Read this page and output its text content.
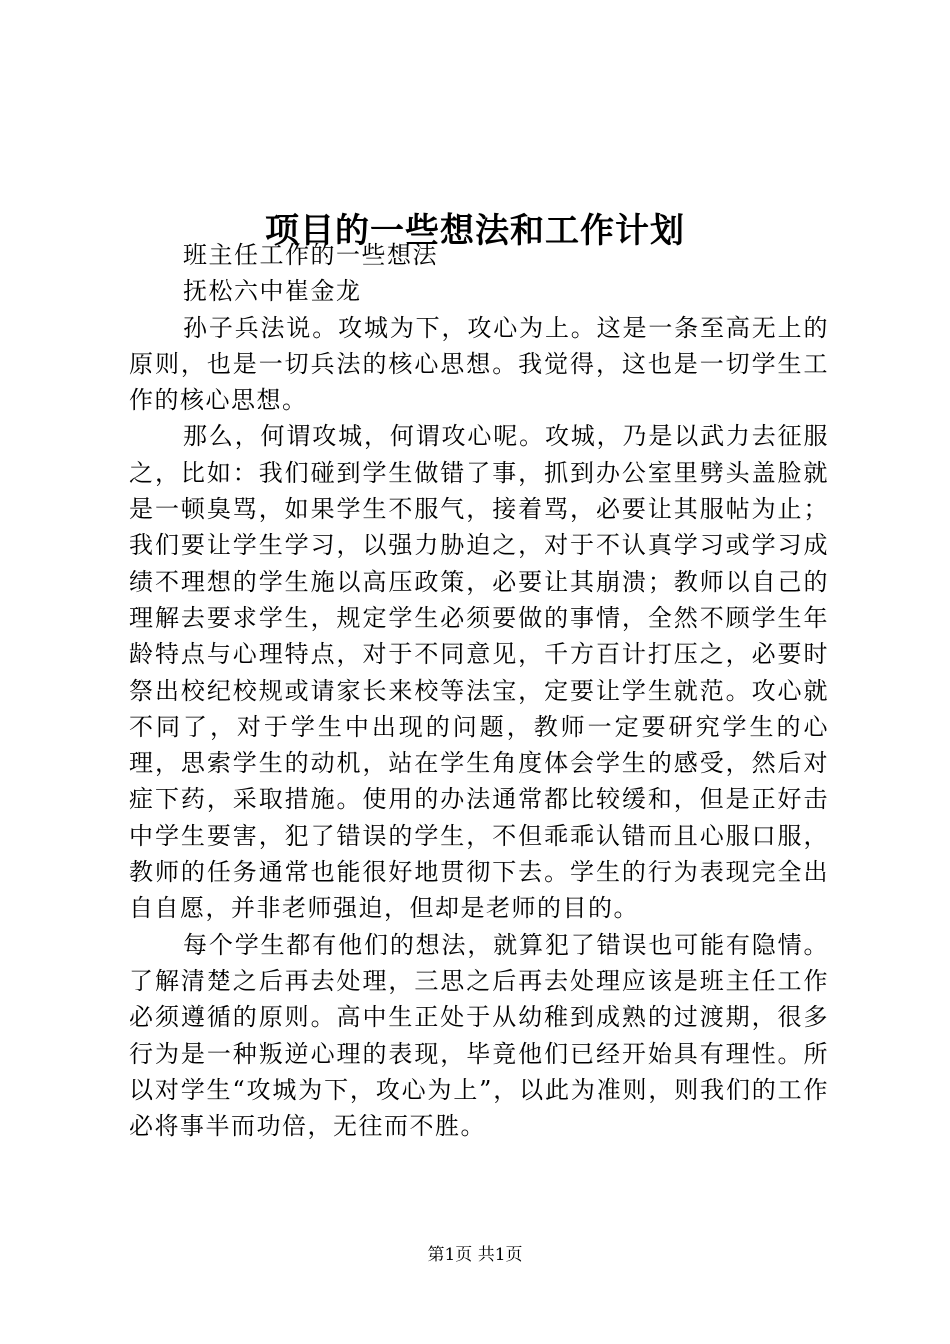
项目的一些想法和工作计划

班主任工作的一些想法

抚松六中崔金龙

孙子兵法说。攻城为下，攻心为上。这是一条至高无上的原则，也是一切兵法的核心思想。我觉得，这也是一切学生工作的核心思想。

那么，何谓攻城，何谓攻心呢。攻城，乃是以武力去征服之，比如：我们碰到学生做错了事，抓到办公室里劈头盖脸就是一顿臭骂，如果学生不服气，接着骂，必要让其服帖为止；我们要让学生学习，以强力胁迫之，对于不认真学习或学习成绩不理想的学生施以高压政策，必要让其崩溃；教师以自己的理解去要求学生，规定学生必须要做的事情，全然不顾学生年龄特点与心理特点，对于不同意见，千方百计打压之，必要时祭出校纪校规或请家长来校等法宝，定要让学生就范。攻心就不同了，对于学生中出现的问题，教师一定要研究学生的心理，思索学生的动机，站在学生角度体会学生的感受，然后对症下药，采取措施。使用的办法通常都比较缓和，但是正好击中学生要害，犯了错误的学生，不但乖乖认错而且心服口服，教师的任务通常也能很好地贯彻下去。学生的行为表现完全出自自愿，并非老师强迫，但却是老师的目的。

每个学生都有他们的想法，就算犯了错误也可能有隐情。了解清楚之后再去处理，三思之后再去处理应该是班主任工作必须遵循的原则。高中生正处于从幼稚到成熟的过渡期，很多行为是一种叛逆心理的表现，毕竟他们已经开始具有理性。所以对学生“攻城为下，攻心为上”，以此为准则，则我们的工作必将事半而功倍，无往而不胜。

第1页 共1页
